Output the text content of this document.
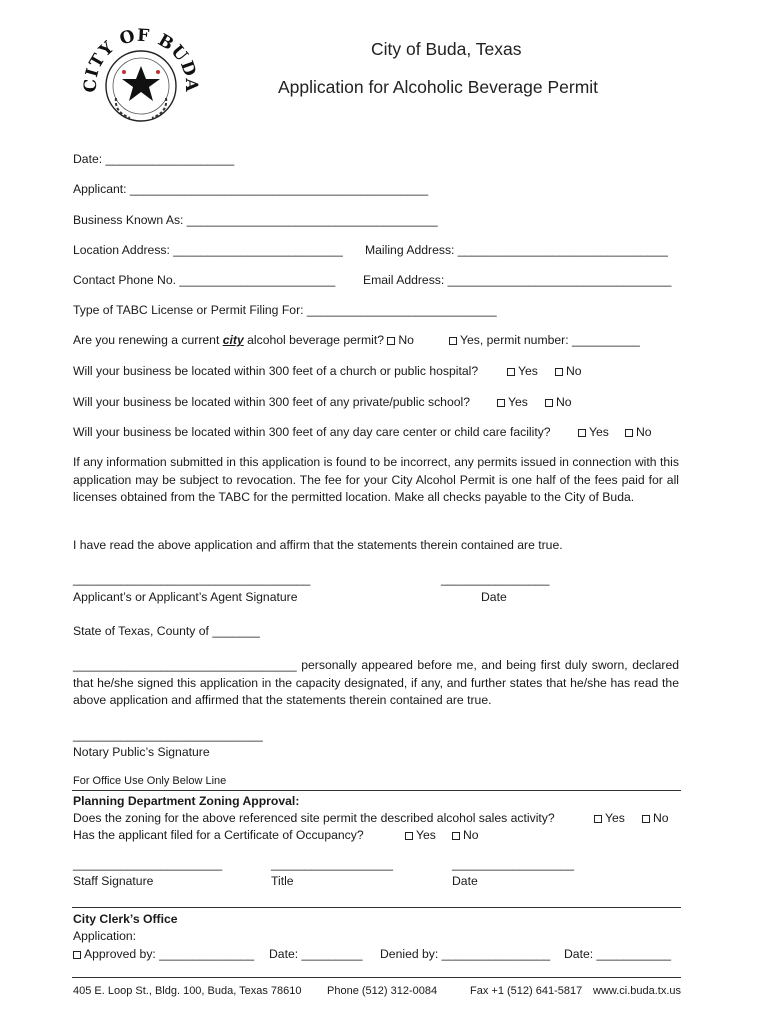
CITY OF BUDA
City of Buda, Texas
Application for Alcoholic Beverage Permit
Date: ___________________
Applicant: ____________________________________________
Business Known As: _____________________________________
Location Address: _________________________ Mailing Address: _______________________________
Contact Phone No. _______________________ Email Address: _________________________________
Type of TABC License or Permit Filing For: ____________________________
Are you renewing a current city alcohol beverage permit? No	Yes, permit number: __________
Will your business be located within 300 feet of a church or public hospital?	Yes	No
Will your business be located within 300 feet of any private/public school?	Yes	No
Will your business be located within 300 feet of any day care center or child care facility?	Yes	No
If any information submitted in this application is found to be incorrect, any permits issued in connection with this application may be subject to revocation. The fee for your City Alcohol Permit is one half of the fees paid for all licenses obtained from the TABC for the permitted location. Make all checks payable to the City of Buda.
I have read the above application and affirm that the statements therein contained are true.
___________________________________	________________
Applicant’s or Applicant’s Agent Signature	Date
State of Texas, County of _______
_________________________________ personally appeared before me, and being first duly sworn, declared that he/she signed this application in the capacity designated, if any, and further states that he/she has read the above application and affirmed that the statements therein contained are true.
____________________________
Notary Public’s Signature
For Office Use Only Below Line
Planning Department Zoning Approval:
Does the zoning for the above referenced site permit the described alcohol sales activity?	Yes	No
Has the applicant filed for a Certificate of Occupancy?	Yes	No
______________________	__________________	__________________
Staff Signature	Title	Date
City Clerk’s Office
Application:
Approved by: ______________ Date: _________ Denied by: ________________ Date: ___________
405 E. Loop St., Bldg. 100, Buda, Texas 78610 Phone (512) 312-0084	Fax +1 (512) 641-5817 www.ci.buda.tx.us
